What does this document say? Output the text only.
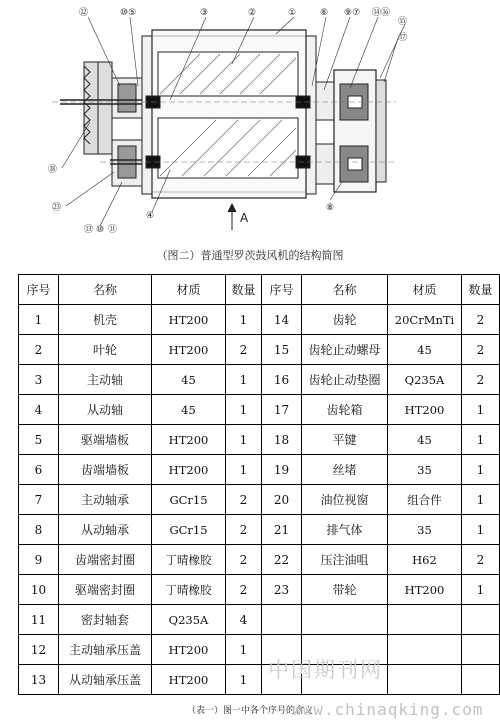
⑫	⑩⑤	③	②	①	⑥ ⑨⑦ ⑭⑯
⑮
⑰
⑱
㉓
⑬ ⑩ ⑪
④
⑧
A
（图二）普通型罗茨鼓风机的结构简图
序号	名称	材质	数量	序号	名称	材质	数量
1	机壳	HT200	1	14	齿轮	20CrMnTi	2
2	叶轮	HT200	2	15	齿轮止动螺母	45	2
3	主动轴	45	1	16	齿轮止动垫圈	Q235A	2
4	从动轴	45	1	17	齿轮箱	HT200	1
5	驱端墙板	HT200	1	18	平键	45	1
6	齿端墙板	HT200	1	19	丝堵	35	1
7	主动轴承	GCr15	2	20	油位视窗	组合件	1
8	从动轴承	GCr15	2	21	排气体	35	1
9	齿端密封圈	丁晴橡胶	2	22	压注油咀	H62	2
10	驱端密封圈	丁晴橡胶	2	23	带轮	HT200	1
11	密封轴套	Q235A	4				
12	主动轴承压盖	HT200	1				
13	从动轴承压盖	HT200	1				中国期刊网
（表一）图一中各个序号的含义
www.chinaqking.com
